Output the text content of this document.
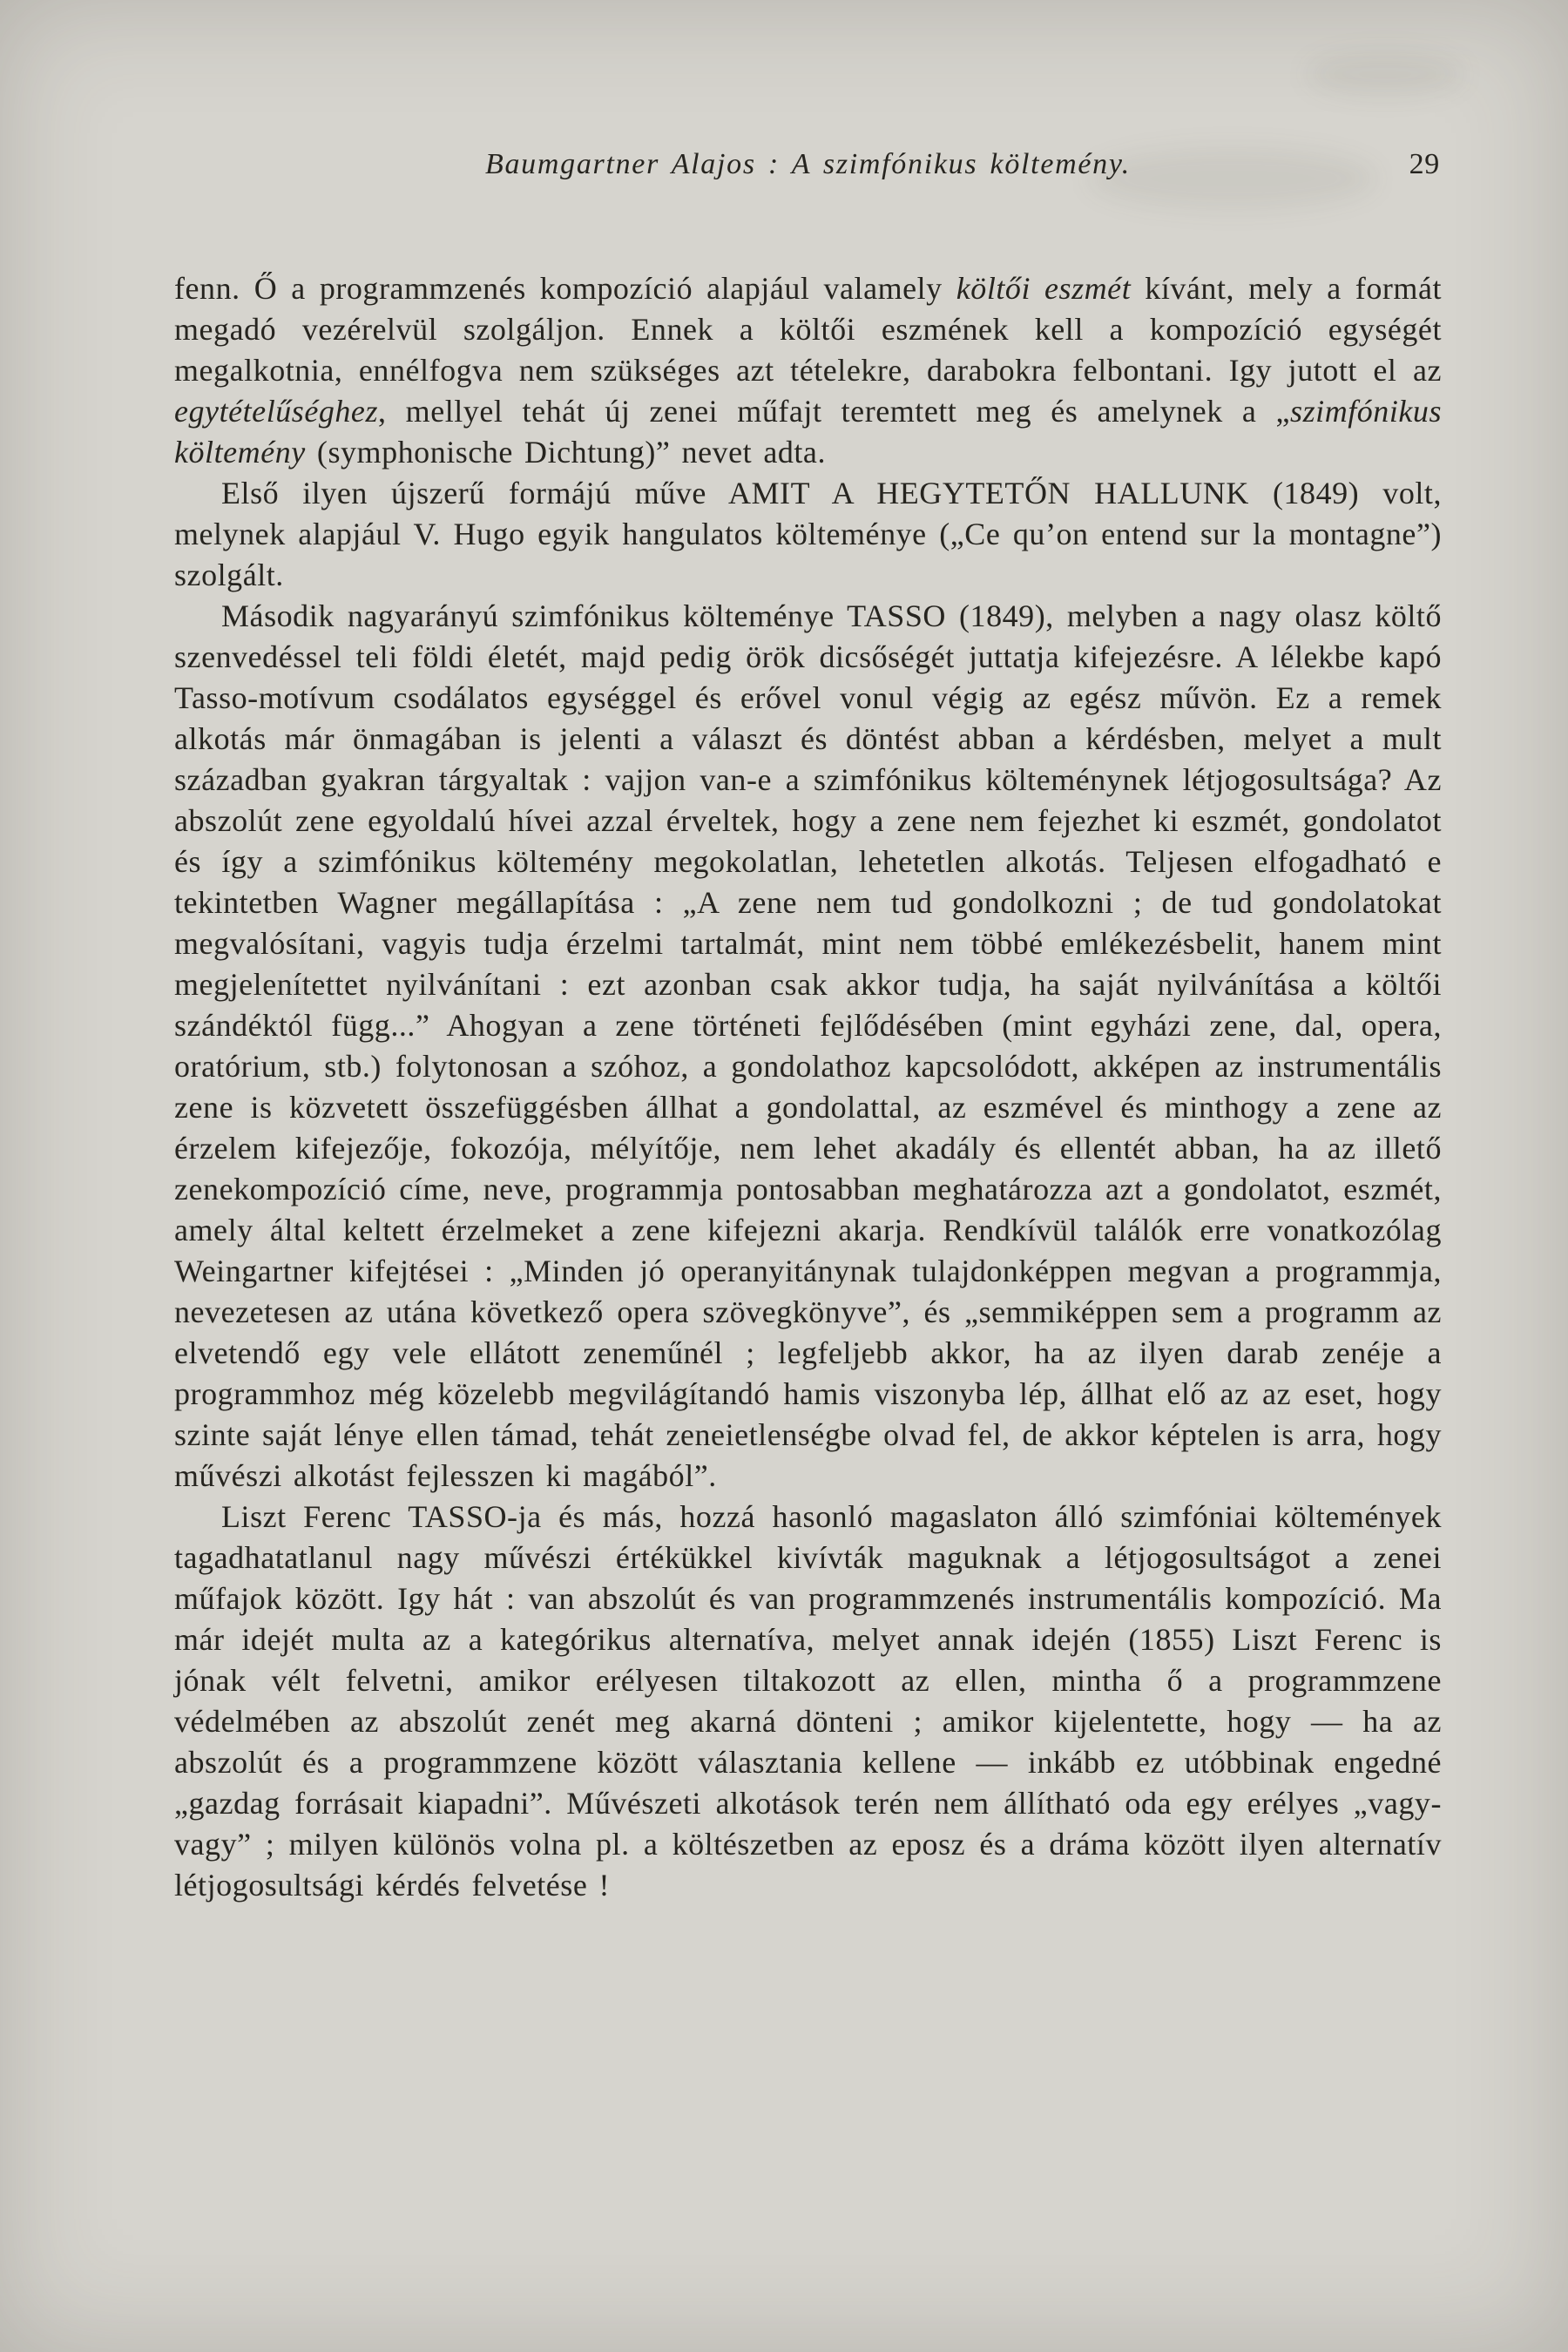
Baumgartner Alajos : A szimfónikus költemény.	29

fenn. Ő a programmzenés kompozíció alapjául valamely költői eszmét kívánt, mely a formát megadó vezérelvül szolgáljon. Ennek a költői eszmének kell a kompozíció egységét megalkotnia, ennélfogva nem szükséges azt tételekre, darabokra felbontani. Igy jutott el az egytételűséghez, mellyel tehát új zenei műfajt teremtett meg és amelynek a „szimfónikus költemény (symphonische Dichtung)” nevet adta.

Első ilyen újszerű formájú műve AMIT A HEGYTETŐN HALLUNK (1849) volt, melynek alapjául V. Hugo egyik hangulatos költeménye („Ce qu’on entend sur la montagne”) szolgált.

Második nagyarányú szimfónikus költeménye TASSO (1849), melyben a nagy olasz költő szenvedéssel teli földi életét, majd pedig örök dicsőségét juttatja kifejezésre. A lélekbe kapó Tasso-motívum csodálatos egységgel és erővel vonul végig az egész művön. Ez a remek alkotás már önmagában is jelenti a választ és döntést abban a kérdésben, melyet a mult században gyakran tárgyaltak : vajjon van-e a szimfónikus költeménynek létjogosultsága? Az abszolút zene egyoldalú hívei azzal érveltek, hogy a zene nem fejezhet ki eszmét, gondolatot és így a szimfónikus költemény megokolatlan, lehetetlen alkotás. Teljesen elfogadható e tekintetben Wagner megállapítása : „A zene nem tud gondolkozni ; de tud gondolatokat megvalósítani, vagyis tudja érzelmi tartalmát, mint nem többé emlékezésbelit, hanem mint megjelenítettet nyilvánítani : ezt azonban csak akkor tudja, ha saját nyilvánítása a költői szándéktól függ...” Ahogyan a zene történeti fejlődésében (mint egyházi zene, dal, opera, oratórium, stb.) folytonosan a szóhoz, a gondolathoz kapcsolódott, akképen az instrumentális zene is közvetett összefüggésben állhat a gondolattal, az eszmével és minthogy a zene az érzelem kifejezője, fokozója, mélyítője, nem lehet akadály és ellentét abban, ha az illető zenekompozíció címe, neve, programmja pontosabban meghatározza azt a gondolatot, eszmét, amely által keltett érzelmeket a zene kifejezni akarja. Rendkívül találók erre vonatkozólag Weingartner kifejtései : „Minden jó operanyitánynak tulajdonképpen megvan a programmja, nevezetesen az utána következő opera szövegkönyve”, és „semmiképpen sem a programm az elvetendő egy vele ellátott zeneműnél ; legfeljebb akkor, ha az ilyen darab zenéje a programmhoz még közelebb megvilágítandó hamis viszonyba lép, állhat elő az az eset, hogy szinte saját lénye ellen támad, tehát zeneietlenségbe olvad fel, de akkor képtelen is arra, hogy művészi alkotást fejlesszen ki magából”.

Liszt Ferenc TASSO-ja és más, hozzá hasonló magaslaton álló szimfóniai költemények tagadhatatlanul nagy művészi értékükkel kivívták maguknak a létjogosultságot a zenei műfajok között. Igy hát : van abszolút és van programmzenés instrumentális kompozíció. Ma már idejét multa az a kategórikus alternatíva, melyet annak idején (1855) Liszt Ferenc is jónak vélt felvetni, amikor erélyesen tiltakozott az ellen, mintha ő a programmzene védelmében az abszolút zenét meg akarná dönteni ; amikor kijelentette, hogy — ha az abszolút és a programmzene között választania kellene — inkább ez utóbbinak engedné „gazdag forrásait kiapadni”. Művészeti alkotások terén nem állítható oda egy erélyes „vagy-vagy” ; milyen különös volna pl. a költészetben az eposz és a dráma között ilyen alternatív létjogosultsági kérdés felvetése !
